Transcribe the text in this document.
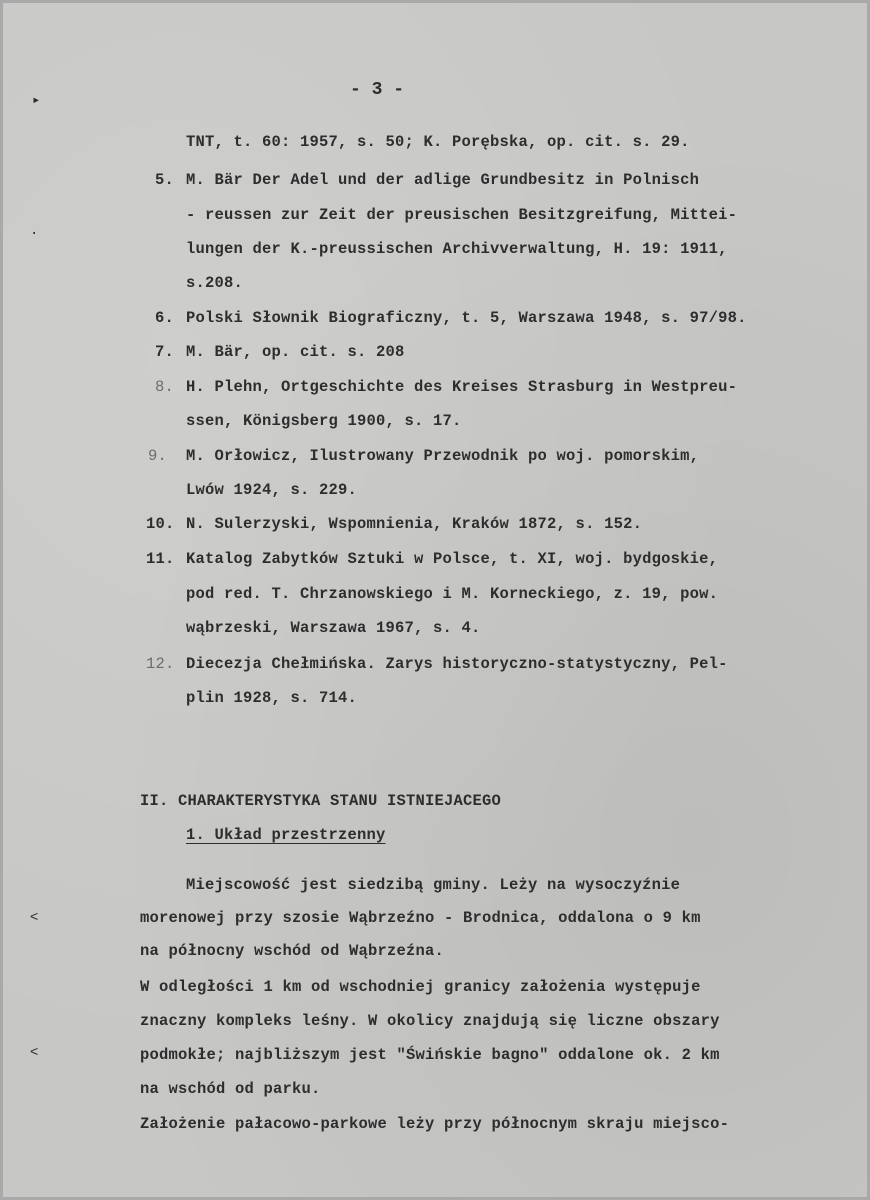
▸
·
˂
˂
- 3 -
TNT, t. 60: 1957, s. 50; K. Porębska, op. cit. s. 29.
5. M. Bär Der Adel und der adlige Grundbesitz in Polnisch
- reussen zur Zeit der preusischen Besitzgreifung, Mittei-
lungen der K.-preussischen Archivverwaltung, H. 19: 1911,
s.208.
6. Polski Słownik Biograficzny, t. 5, Warszawa 1948, s. 97/98.
7. M. Bär, op. cit. s. 208
8. H. Plehn, Ortgeschichte des Kreises Strasburg in Westpreu-
ssen, Königsberg 1900, s. 17.
9. M. Orłowicz, Ilustrowany Przewodnik po woj. pomorskim,
Lwów 1924, s. 229.
10. N. Sulerzyski, Wspomnienia, Kraków 1872, s. 152.
11. Katalog Zabytków Sztuki w Polsce, t. XI, woj. bydgoskie,
pod red. T. Chrzanowskiego i M. Korneckiego, z. 19, pow.
wąbrzeski, Warszawa 1967, s. 4.
12. Diecezja Chełmińska. Zarys historyczno-statystyczny, Pel-
plin 1928, s. 714.
II. CHARAKTERYSTYKA STANU ISTNIEJACEGO
1. Układ przestrzenny
Miejscowość jest siedzibą gminy. Leży na wysoczyźnie
morenowej przy szosie Wąbrzeźno - Brodnica, oddalona o 9 km
na północny wschód od Wąbrzeźna.
W odległości 1 km od wschodniej granicy założenia występuje
znaczny kompleks leśny. W okolicy znajdują się liczne obszary
podmokłe; najbliższym jest "Świńskie bagno" oddalone ok. 2 km
na wschód od parku.
Założenie pałacowo-parkowe leży przy północnym skraju miejsco-
